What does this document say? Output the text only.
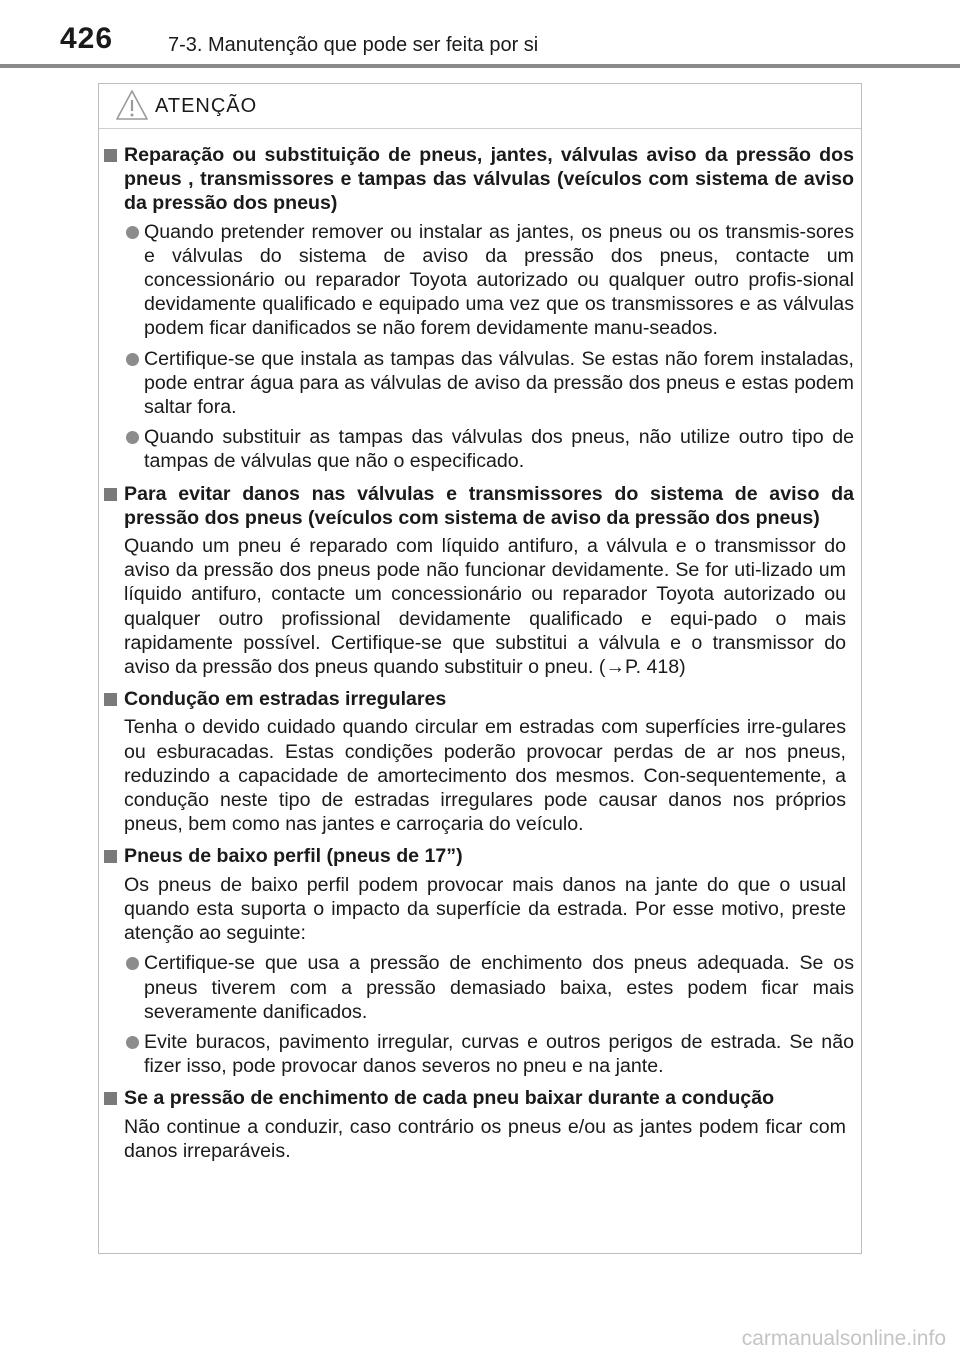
426	7-3. Manutenção que pode ser feita por si
ATENÇÃO
Reparação ou substituição de pneus, jantes, válvulas aviso da pressão dos pneus , transmissores e tampas das válvulas (veículos com sistema de aviso da pressão dos pneus)
Quando pretender remover ou instalar as jantes, os pneus ou os transmis-sores e válvulas do sistema de aviso da pressão dos pneus, contacte um concessionário ou reparador Toyota autorizado ou qualquer outro profis-sional devidamente qualificado e equipado uma vez que os transmissores e as válvulas podem ficar danificados se não forem devidamente manu-seados.
Certifique-se que instala as tampas das válvulas. Se estas não forem instaladas, pode entrar água para as válvulas de aviso da pressão dos pneus e estas podem saltar fora.
Quando substituir as tampas das válvulas dos pneus, não utilize outro tipo de tampas de válvulas que não o especificado.
Para evitar danos nas válvulas e transmissores do sistema de aviso da pressão dos pneus (veículos com sistema de aviso da pressão dos pneus)
Quando um pneu é reparado com líquido antifuro, a válvula e o transmissor do aviso da pressão dos pneus pode não funcionar devidamente. Se for uti-lizado um líquido antifuro, contacte um concessionário ou reparador Toyota autorizado ou qualquer outro profissional devidamente qualificado e equi-pado o mais rapidamente possível. Certifique-se que substitui a válvula e o transmissor do aviso da pressão dos pneus quando substituir o pneu. (→P. 418)
Condução em estradas irregulares
Tenha o devido cuidado quando circular em estradas com superfícies irre-gulares ou esburacadas. Estas condições poderão provocar perdas de ar nos pneus, reduzindo a capacidade de amortecimento dos mesmos. Con-sequentemente, a condução neste tipo de estradas irregulares pode causar danos nos próprios pneus, bem como nas jantes e carroçaria do veículo.
Pneus de baixo perfil (pneus de 17”)
Os pneus de baixo perfil podem provocar mais danos na jante do que o usual quando esta suporta o impacto da superfície da estrada. Por esse motivo, preste atenção ao seguinte:
Certifique-se que usa a pressão de enchimento dos pneus adequada. Se os pneus tiverem com a pressão demasiado baixa, estes podem ficar mais severamente danificados.
Evite buracos, pavimento irregular, curvas e outros perigos de estrada. Se não fizer isso, pode provocar danos severos no pneu e na jante.
Se a pressão de enchimento de cada pneu baixar durante a condução
Não continue a conduzir, caso contrário os pneus e/ou as jantes podem ficar com danos irreparáveis.
carmanualsonline.info
